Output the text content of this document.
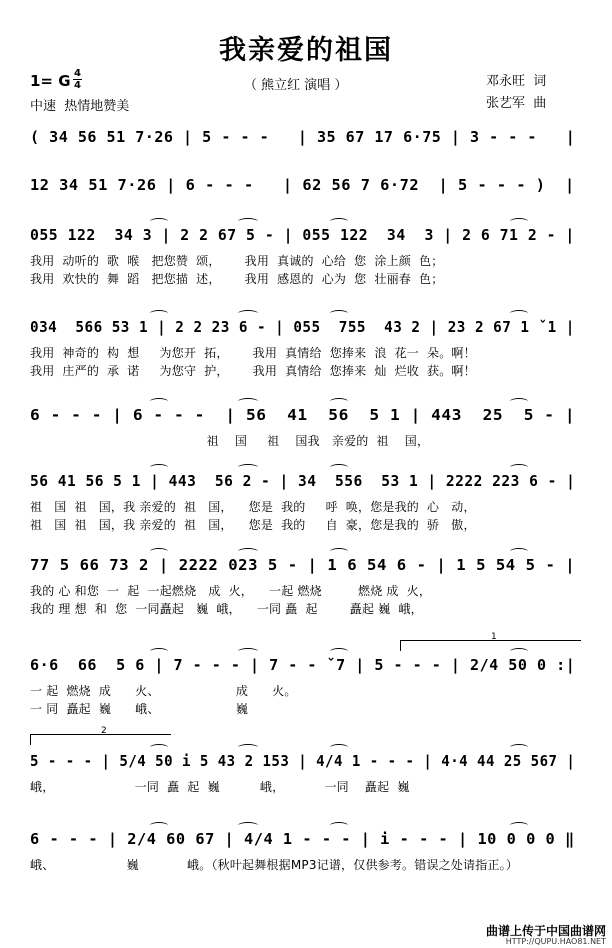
我亲爱的祖国
1= G 4
4	（ 熊立红 演唱 ）	邓永旺  词
张艺军  曲
中速  热情地赞美
( 34 56 51 7·26 | 5 - - -   | 35 67 17 6·75 | 3 - - -   |
12 34 51 7·26 | 6 - - -   | 62 56 7 6·72  | 5 - - - )  |
055 122  34 3 | 2 2 67 5 - | 055 122  34  3 | 2 6 71 2 - |
我用  动听的  歌  喉   把您赞  颂，      我用  真诚的  心给  您  涂上颜  色；
我用  欢快的  舞  蹈   把您描  述，      我用  感恩的  心为  您  壮丽春  色；
034  566 53 1 | 2 2 23 6 - | 055  755  43 2 | 23 2 67 1 ˇ1 |
我用  神奇的  构  想     为您开  拓，      我用  真情给  您捧来  浪  花一  朵。啊！
我用  庄严的  承  诺     为您守  护，      我用  真情给  您捧来  灿  烂收  获。啊！
6 - - - | 6 - - -  | 56  41  56  5 1 | 443  25  5 - |
祖    国     祖    国我   亲爱的  祖    国，
56 41 56 5 1 | 443  56 2 - | 34  556  53 1 | 2222 223 6 - |
祖   国  祖   国，我 亲爱的  祖   国，    您是  我的     呼  唤，您是我的  心   动，
祖   国  祖   国，我 亲爱的  祖   国，    您是  我的     自  豪，您是我的  骄   傲，
77 5 66 73 2 | 2222 023 5 - | 1 6 54 6 - | 1 5 54 5 - |
我的 心 和您  一  起  一起燃烧   成  火，    一起 燃烧         燃烧 成  火，
我的 理 想  和  您  一同矗起   巍  峨，    一同 矗  起        矗起 巍  峨，
6·6  66  5 6 | 7 - - - | 7 - - ˇ7 | 5 - - - | 2/4 50 0 :|
一 起  燃烧  成      火、                   成      火。
一 同  矗起  巍      峨、                   巍
5 - - - | 5/4 50 i 5 43 2 153 | 4/4 1 - - - | 4·4 44 25 567 |
峨，                    一同  矗  起  巍          峨，          一同    矗起  巍
6 - - - | 2/4 60 67 | 4/4 1 - - - | i - - - | 10 0 0 0 ‖
峨、                  巍            峨。（秋叶起舞根据MP3记谱，仅供参考。错误之处请指正。）
1
2
曲谱上传于中国曲谱网
HTTP://QUPU.HAO81.NET
